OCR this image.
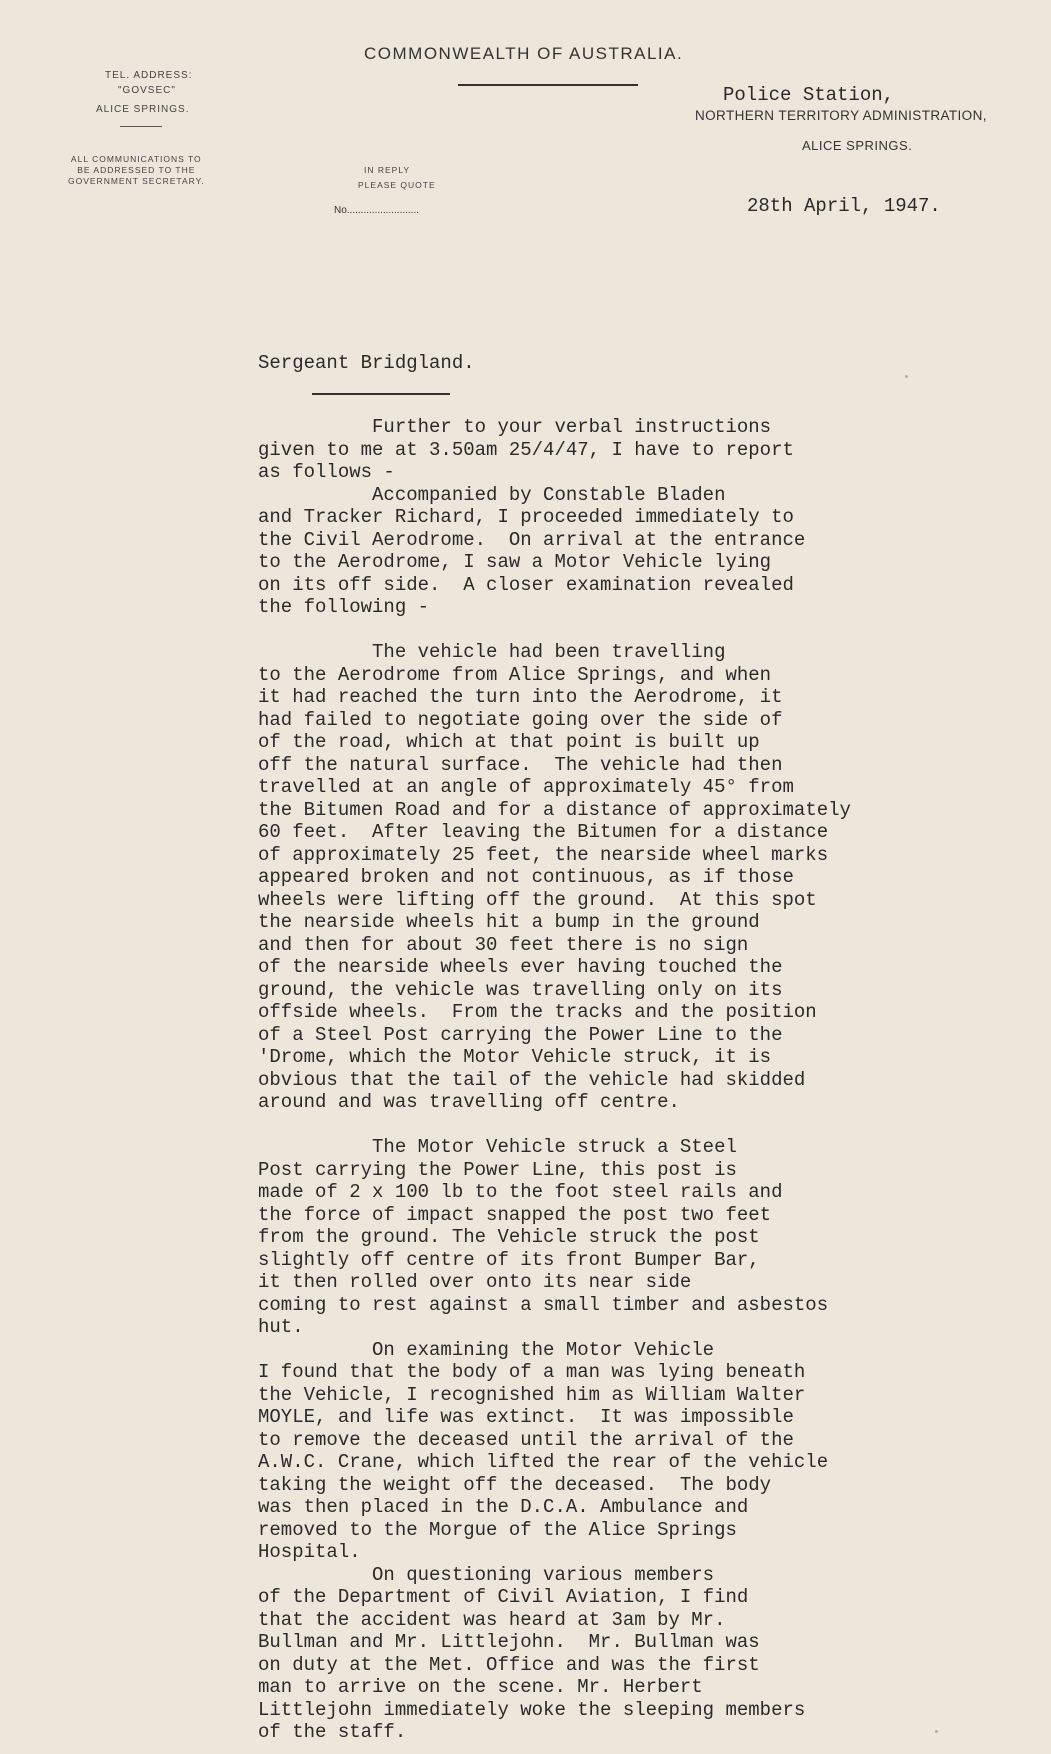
COMMONWEALTH OF AUSTRALIA.
TEL. ADDRESS:
"GOVSEC"
ALICE SPRINGS.
ALL COMMUNICATIONS TO
BE ADDRESSED TO THE
GOVERNMENT SECRETARY.
IN REPLY
PLEASE QUOTE
No..........................
Police Station,
NORTHERN TERRITORY ADMINISTRATION,
ALICE SPRINGS.
28th April, 1947.
Sergeant Bridgland.
Further to your verbal instructions
given to me at 3.50am 25/4/47, I have to report
as follows -
Accompanied by Constable Bladen
and Tracker Richard, I proceeded immediately to
the Civil Aerodrome.  On arrival at the entrance
to the Aerodrome, I saw a Motor Vehicle lying
on its off side.  A closer examination revealed
the following -
The vehicle had been travelling
to the Aerodrome from Alice Springs, and when
it had reached the turn into the Aerodrome, it
had failed to negotiate going over the side of
of the road, which at that point is built up
off the natural surface.  The vehicle had then
travelled at an angle of approximately 45° from
the Bitumen Road and for a distance of approximately
60 feet.  After leaving the Bitumen for a distance
of approximately 25 feet, the nearside wheel marks
appeared broken and not continuous, as if those
wheels were lifting off the ground.  At this spot
the nearside wheels hit a bump in the ground
and then for about 30 feet there is no sign
of the nearside wheels ever having touched the
ground, the vehicle was travelling only on its
offside wheels.  From the tracks and the position
of a Steel Post carrying the Power Line to the
'Drome, which the Motor Vehicle struck, it is
obvious that the tail of the vehicle had skidded
around and was travelling off centre.
The Motor Vehicle struck a Steel
Post carrying the Power Line, this post is
made of 2 x 100 lb to the foot steel rails and
the force of impact snapped the post two feet
from the ground. The Vehicle struck the post
slightly off centre of its front Bumper Bar,
it then rolled over onto its near side
coming to rest against a small timber and asbestos
hut.
On examining the Motor Vehicle
I found that the body of a man was lying beneath
the Vehicle, I recognished him as William Walter
MOYLE, and life was extinct.  It was impossible
to remove the deceased until the arrival of the
A.W.C. Crane, which lifted the rear of the vehicle
taking the weight off the deceased.  The body
was then placed in the D.C.A. Ambulance and
removed to the Morgue of the Alice Springs
Hospital.
On questioning various members
of the Department of Civil Aviation, I find
that the accident was heard at 3am by Mr.
Bullman and Mr. Littlejohn.  Mr. Bullman was
on duty at the Met. Office and was the first
man to arrive on the scene. Mr. Herbert
Littlejohn immediately woke the sleeping members
of the staff.
